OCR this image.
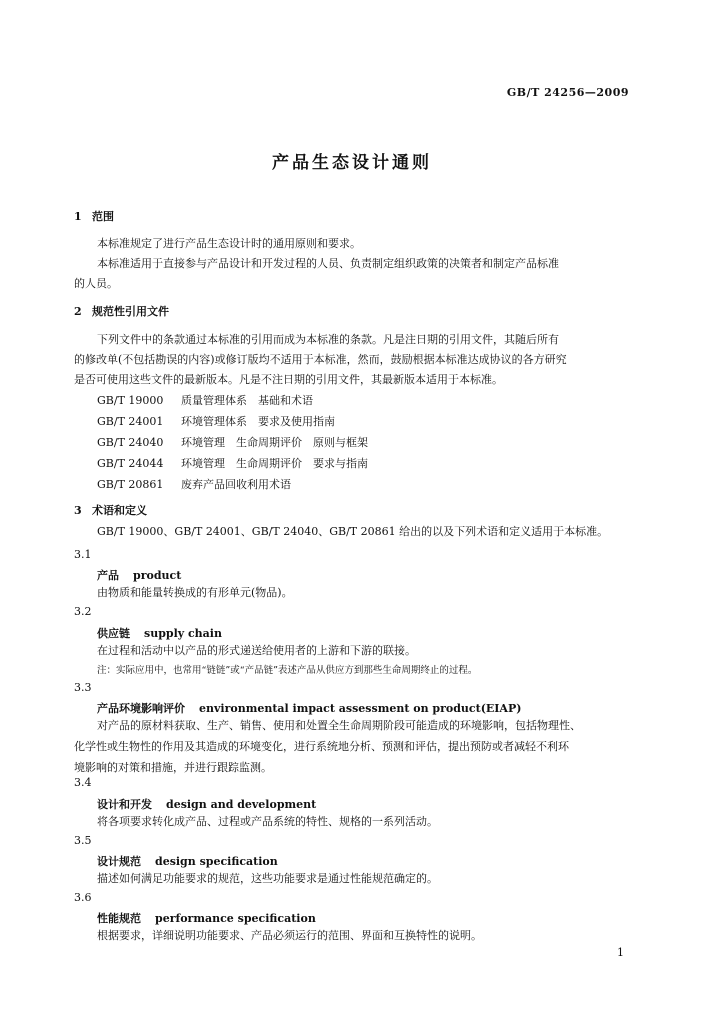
GB/T 24256—2009
产品生态设计通则
1 范围
本标准规定了进行产品生态设计时的通用原则和要求。
本标准适用于直接参与产品设计和开发过程的人员、负责制定组织政策的决策者和制定产品标准
的人员。
2 规范性引用文件
下列文件中的条款通过本标准的引用而成为本标准的条款。凡是注日期的引用文件，其随后所有
的修改单(不包括勘误的内容)或修订版均不适用于本标准，然而，鼓励根据本标准达成协议的各方研究
是否可使用这些文件的最新版本。凡是不注日期的引用文件，其最新版本适用于本标准。
GB/T 19000 质量管理体系　基础和术语
GB/T 24001 环境管理体系　要求及使用指南
GB/T 24040 环境管理　生命周期评价　原则与框架
GB/T 24044 环境管理　生命周期评价　要求与指南
GB/T 20861 废弃产品回收利用术语
3 术语和定义
GB/T 19000、GB/T 24001、GB/T 24040、GB/T 20861 给出的以及下列术语和定义适用于本标准。
3.1
产品 product
由物质和能量转换成的有形单元(物品)。
3.2
供应链 supply chain
在过程和活动中以产品的形式递送给使用者的上游和下游的联接。
注：实际应用中，也常用“链链”或“产品链”表述产品从供应方到那些生命周期终止的过程。
3.3
产品环境影响评价 environmental impact assessment on product(EIAP)
对产品的原材料获取、生产、销售、使用和处置全生命周期阶段可能造成的环境影响，包括物理性、
化学性或生物性的作用及其造成的环境变化，进行系统地分析、预测和评估，提出预防或者减轻不利环
境影响的对策和措施，并进行跟踪监测。
3.4
设计和开发 design and development
将各项要求转化成产品、过程或产品系统的特性、规格的一系列活动。
3.5
设计规范 design specification
描述如何满足功能要求的规范，这些功能要求是通过性能规范确定的。
3.6
性能规范 performance specification
根据要求，详细说明功能要求、产品必须运行的范围、界面和互换特性的说明。
1
